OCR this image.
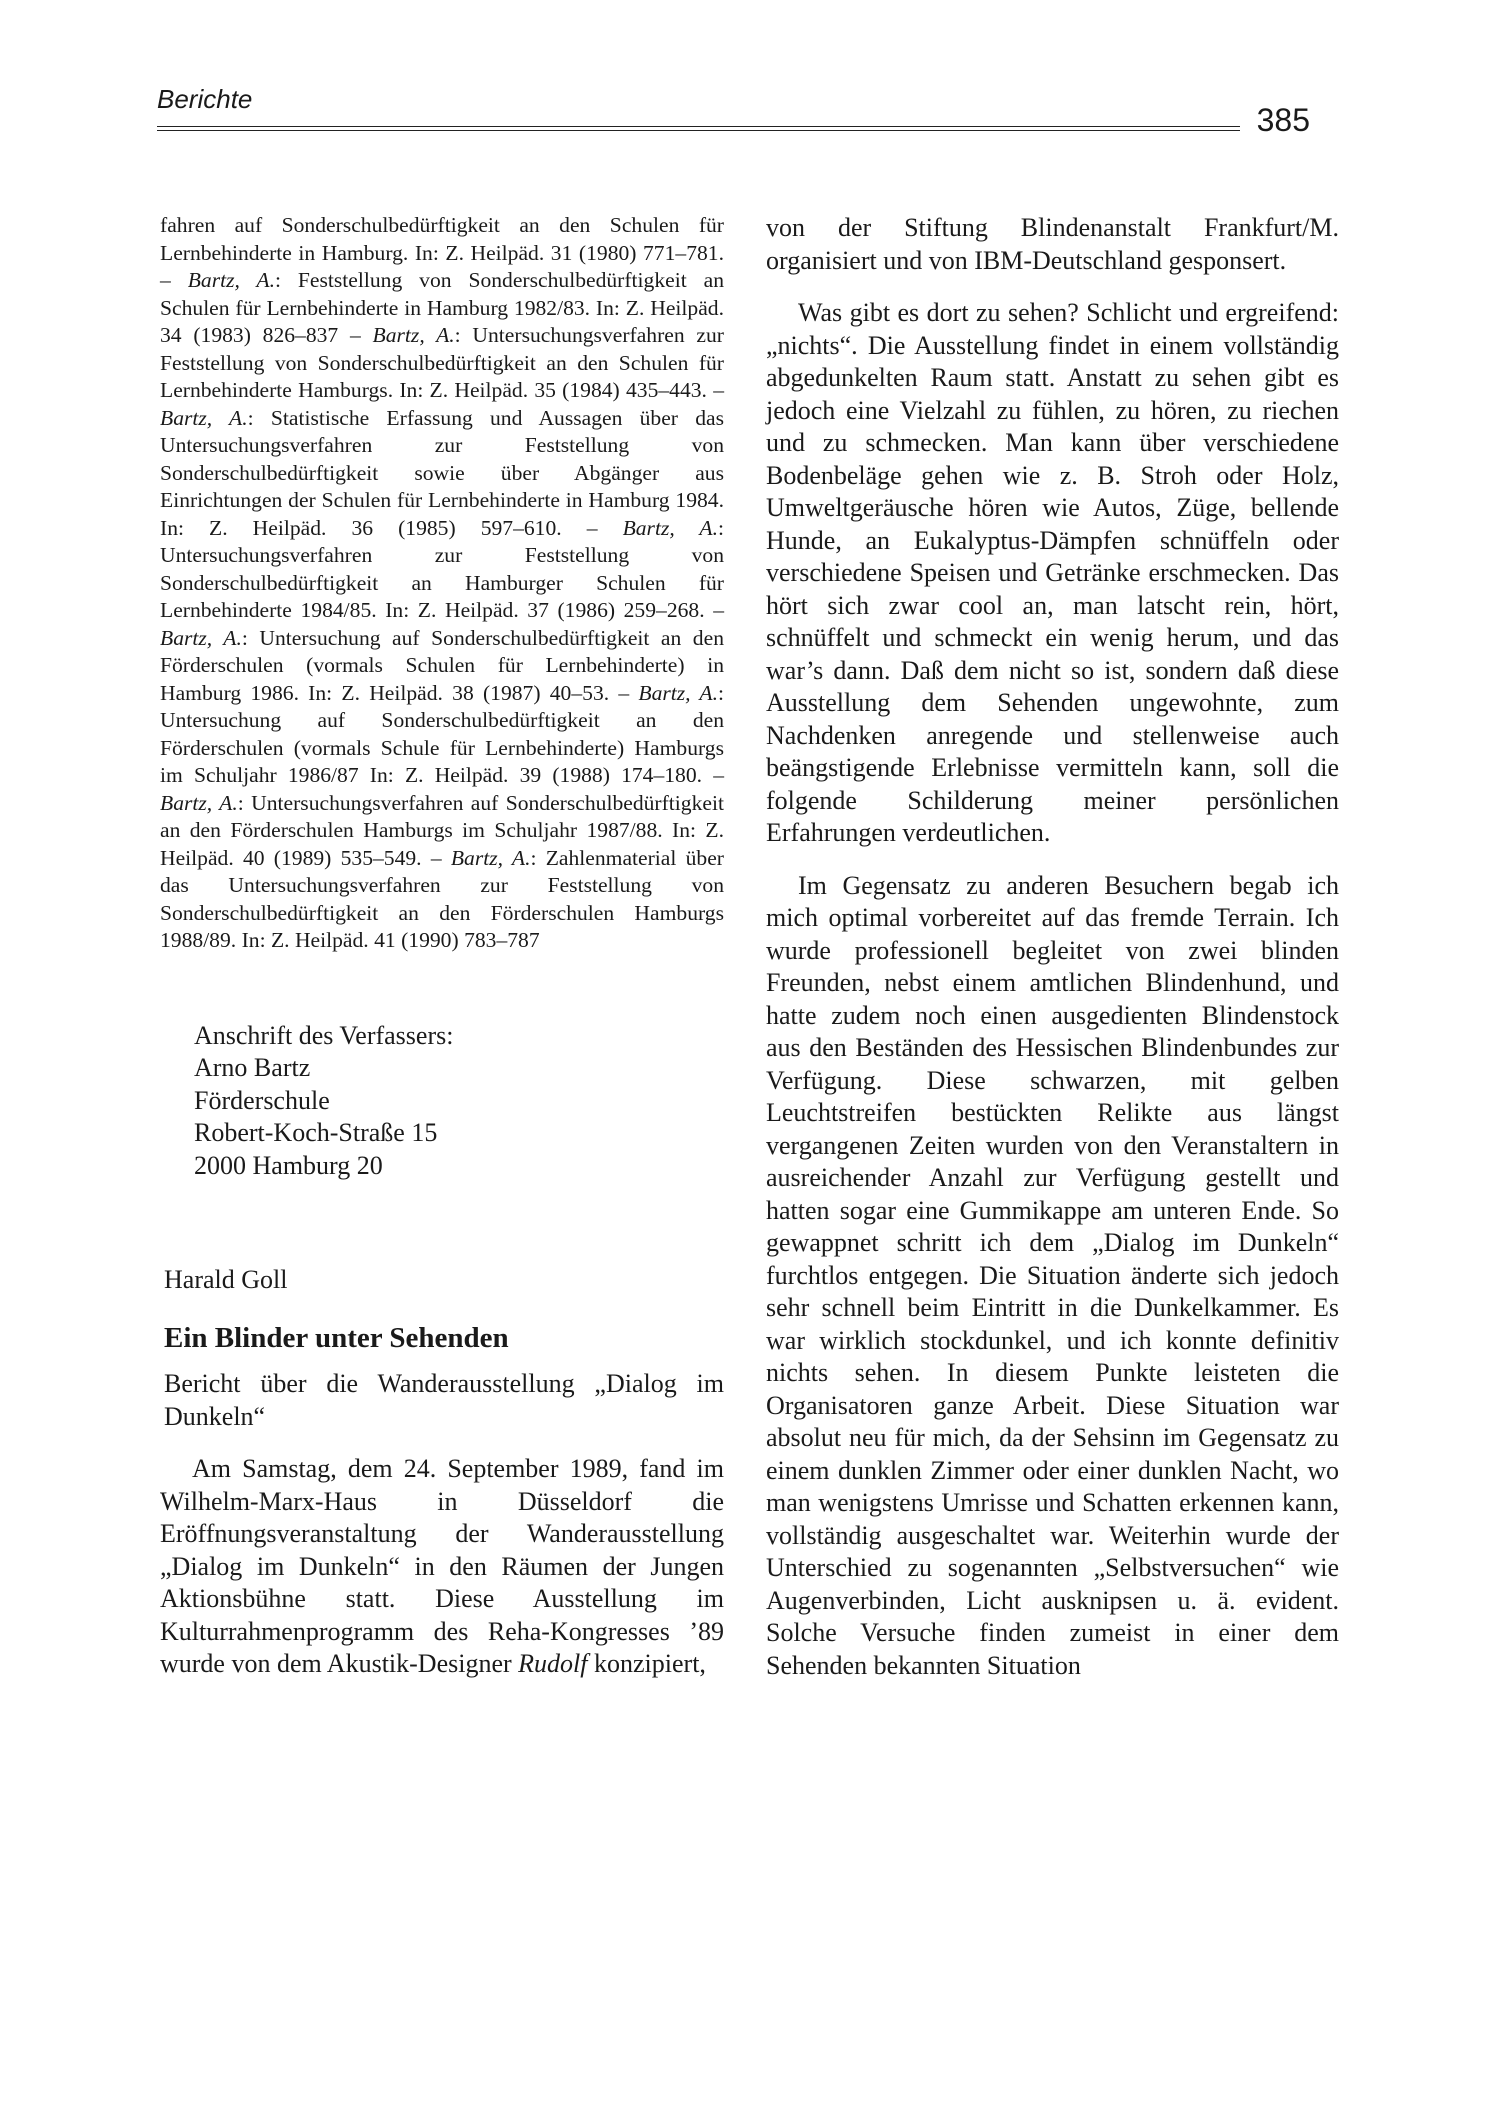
Berichte
385

fahren auf Sonderschulbedürftigkeit an den Schulen für Lernbehinderte in Hamburg. In: Z. Heilpäd. 31 (1980) 771–781. – Bartz, A.: Feststellung von Sonderschulbedürftigkeit an Schulen für Lernbehinderte in Hamburg 1982/83. In: Z. Heilpäd. 34 (1983) 826–837 – Bartz, A.: Untersuchungsverfahren zur Feststellung von Sonderschulbedürftigkeit an den Schulen für Lernbehinderte Hamburgs. In: Z. Heilpäd. 35 (1984) 435–443. – Bartz, A.: Statistische Erfassung und Aussagen über das Untersuchungsverfahren zur Feststellung von Sonderschulbedürftigkeit sowie über Abgänger aus Einrichtungen der Schulen für Lernbehinderte in Hamburg 1984. In: Z. Heilpäd. 36 (1985) 597–610. – Bartz, A.: Untersuchungsverfahren zur Feststellung von Sonderschulbedürftigkeit an Hamburger Schulen für Lernbehinderte 1984/85. In: Z. Heilpäd. 37 (1986) 259–268. – Bartz, A.: Untersuchung auf Sonderschulbedürftigkeit an den Förderschulen (vormals Schulen für Lernbehinderte) in Hamburg 1986. In: Z. Heilpäd. 38 (1987) 40–53. – Bartz, A.: Untersuchung auf Sonderschulbedürftigkeit an den Förderschulen (vormals Schule für Lernbehinderte) Hamburgs im Schuljahr 1986/87 In: Z. Heilpäd. 39 (1988) 174–180. – Bartz, A.: Untersuchungsverfahren auf Sonderschulbedürftigkeit an den Förderschulen Hamburgs im Schuljahr 1987/88. In: Z. Heilpäd. 40 (1989) 535–549. – Bartz, A.: Zahlenmaterial über das Untersuchungsverfahren zur Feststellung von Sonderschulbedürftigkeit an den Förderschulen Hamburgs 1988/89. In: Z. Heilpäd. 41 (1990) 783–787

Anschrift des Verfassers:
Arno Bartz
Förderschule
Robert-Koch-Straße 15
2000 Hamburg 20
Harald Goll
Ein Blinder unter Sehenden
Bericht über die Wanderausstellung „Dialog im Dunkeln“

Am Samstag, dem 24. September 1989, fand im Wilhelm-Marx-Haus in Düsseldorf die Eröffnungsveranstaltung der Wanderausstellung „Dialog im Dunkeln“ in den Räumen der Jungen Aktionsbühne statt. Diese Ausstellung im Kulturrahmenprogramm des Reha-Kongresses ’89 wurde von dem Akustik-Designer Rudolf konzipiert,

von der Stiftung Blindenanstalt Frankfurt/M. organisiert und von IBM-Deutschland gesponsert.

Was gibt es dort zu sehen? Schlicht und ergreifend: „nichts“. Die Ausstellung findet in einem vollständig abgedunkelten Raum statt. Anstatt zu sehen gibt es jedoch eine Vielzahl zu fühlen, zu hören, zu riechen und zu schmecken. Man kann über verschiedene Bodenbeläge gehen wie z. B. Stroh oder Holz, Umweltgeräusche hören wie Autos, Züge, bellende Hunde, an Eukalyptus-Dämpfen schnüffeln oder verschiedene Speisen und Getränke erschmecken. Das hört sich zwar cool an, man latscht rein, hört, schnüffelt und schmeckt ein wenig herum, und das war’s dann. Daß dem nicht so ist, sondern daß diese Ausstellung dem Sehenden ungewohnte, zum Nachdenken anregende und stellenweise auch beängstigende Erlebnisse vermitteln kann, soll die folgende Schilderung meiner persönlichen Erfahrungen verdeutlichen.

Im Gegensatz zu anderen Besuchern begab ich mich optimal vorbereitet auf das fremde Terrain. Ich wurde professionell begleitet von zwei blinden Freunden, nebst einem amtlichen Blindenhund, und hatte zudem noch einen ausgedienten Blindenstock aus den Beständen des Hessischen Blindenbundes zur Verfügung. Diese schwarzen, mit gelben Leuchtstreifen bestückten Relikte aus längst vergangenen Zeiten wurden von den Veranstaltern in ausreichender Anzahl zur Verfügung gestellt und hatten sogar eine Gummikappe am unteren Ende. So gewappnet schritt ich dem „Dialog im Dunkeln“ furchtlos entgegen. Die Situation änderte sich jedoch sehr schnell beim Eintritt in die Dunkelkammer. Es war wirklich stockdunkel, und ich konnte definitiv nichts sehen. In diesem Punkte leisteten die Organisatoren ganze Arbeit. Diese Situation war absolut neu für mich, da der Sehsinn im Gegensatz zu einem dunklen Zimmer oder einer dunklen Nacht, wo man wenigstens Umrisse und Schatten erkennen kann, vollständig ausgeschaltet war. Weiterhin wurde der Unterschied zu sogenannten „Selbstversuchen“ wie Augenverbinden, Licht ausknipsen u. ä. evident. Solche Versuche finden zumeist in einer dem Sehenden bekannten Situation
